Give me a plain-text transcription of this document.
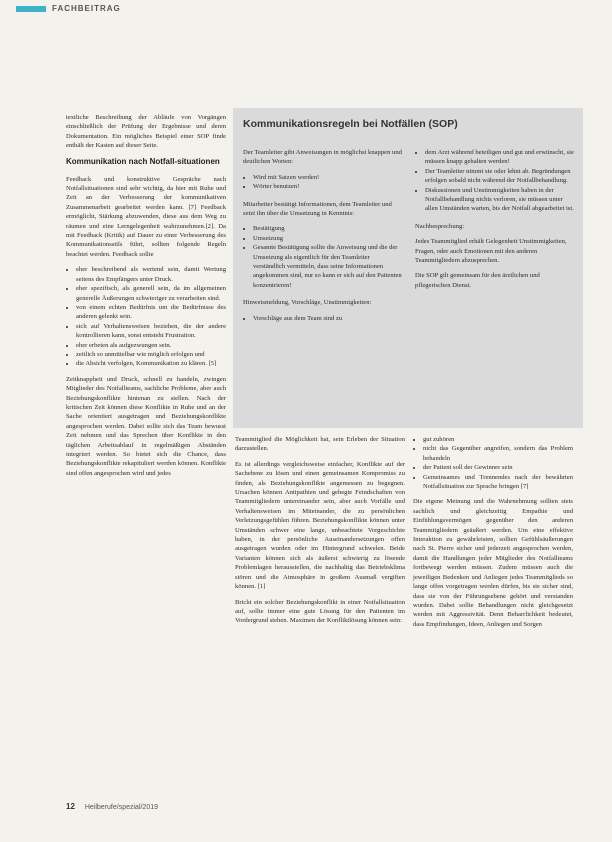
FACHBEITRAG

textliche Beschreibung der Abläufe von Vorgängen einschließlich der Prüfung der Ergebnisse und deren Dokumentation. Ein mögliches Beispiel einer SOP finde enthält der Kasten auf dieser Seite.

Kommunikation nach Notfall-situationen

Feedback und konstruktive Gespräche nach Notfallsituationen sind sehr wichtig, da hier mit Ruhe und Zeit an der Verbesserung der kommunikativen Zusammenarbeit gearbeitet werden kann. [7] Feedback ermöglicht, Stärkung abzuwenden, diese aus dem Weg zu räumen und eine Lerngelegenheit wahrzunehmen.[2]. Da mit Feedback (Kritik) auf Dauer zu einer Verbesserung des Kommunikationsstils führt, sollten folgende Regeln beachtet werden. Feedback sollte

• eher beschreibend als wertend sein, damit Wertung seitens des Empfängers unter Druck.
• eher spezifisch, als generell sein, da im allgemeinen generelle Äußerungen schwieriger zu verarbeiten sind.
• von einem echten Bedürfnis um die Bedürfnisse des anderen gelenkt sein.
• sich auf Verhaltensweisen beziehen, die der andere kontrollieren kann, sonst entsteht Frustration.
• eher erbeten als aufgezwungen sein.
• zeitlich so unmittelbar wie möglich erfolgen und
• die Absicht verfolgen, Kommunikation zu klären. [5]

Zeitknappheit und Druck, schnell zu handeln, zwingen Mitglieder des Notfallteams, sachliche Probleme, aber auch Beziehungskonflikte hintenan zu stellen. Nach der kritischen Zeit können diese Konflikte in Ruhe und an der Sache orientiert ausgetragen und Beziehungskonflikte angesprochen werden. Dabei sollte sich das Team bewusst Zeit nehmen und das Sprechen über Konflikte in den täglichen Arbeitsablauf in regelmäßigen Abständen integriert werden. So bietet sich die Chance, dass Beziehungskonflikte rekapituliert werden können. Konflikte sind offen angesprochen wird und jedes

Kommunikationsregeln bei Notfällen (SOP)

Der Teamleiter gibt Anweisungen in möglichst knappen und deutlichen Worten:

• Wird mit Satzen werden!
• Wörter benutzen!

Mitarbeiter bestätigt Informationen, dem Teamleiter und setzt ihn über die Umsetzung in Kenntnis:

• Bestätigung
• Umsetzung
• Gesamte Bestätigung sollte die Anweisung und die der Umsetzung als eigentlich für den Teamleiter verständlich vermitteln, dass seine Informationen angekommen sind, nur so kann er sich auf den Patienten konzentrieren!

Hinweismeldung, Vorschläge, Unstimmigkeiten:

• Vorschläge aus dem Team sind zu
• dem Arzt während beteiligen und gut und erwünscht, sie müssen knapp gehalten werden!
• Der Teamleiter nimmt sie oder lehnt ab. Begründungen erfolgen sobald nicht während der Notfallbehandlung.
• Diskussionen und Unstimmigkeiten haben in der Notfallbehandlung nichts verloren, sie müssen unter allen Umständen warten, bis der Notfall abgearbeitet ist.

Nachbesprechung:

Jedes Teammitglied erhält Gelegenheit Unstimmigkeiten, Fragen, oder auch Emotionen mit den anderen Teammitgliedern abzusprechen.

Die SOP gilt gemeinsam für den ärztlichen und pflegerischen Dienst.

Teammitglied die Möglichkeit hat, sein Erleben der Situation darzustellen.

Es ist allerdings vergleichsweise einfacher, Konflikte auf der Sachebene zu lösen und einen gemeinsamen Kompromiss zu finden, als Beziehungskonflikte angemessen zu begegnen. Ursachen können Antipathien und gehegte Feindschaften von Teammitgliedern untereinander sein, aber auch Vorfälle und Verhaltensweisen im Miteinander, die zu persönlichen Verletzungsgefühlen führen. Beziehungskonflikte können unter Umständen schwer eine lange, unbeachtete Vorgeschichte haben, in der persönliche Auseinandersetzungen offen ausgetragen wurden oder im Hintergrund schwelen. Beide Varianten können sich als äußerst schwierig zu lösende Problemlagen herausstellen, die nachhaltig das Betriebsklima stören und die Atmosphäre in großem Ausmaß vergiften können. [1]

Bricht ein solcher Beziehungskonflikt in einer Notfallsituation auf, sollte immer eine gute Lösung für den Patienten im Vordergrund stehen. Maximen der Konfliktlösung können sein:

• gut zuhören
• nicht das Gegenüber angreifen, sondern das Problem behandeln
• der Patient soll der Gewinner sein
• Gemeinsames und Trennendes nach der bewährten Notfallsituation zur Sprache bringen [7]

Die eigene Meinung und die Wahrnehmung sollten stets sachlich und gleichzeitig Empathie und Einfühlungsvermögen gegenüber den anderen Teammitgliedern geäußert werden. Um eine effektive Interaktion zu gewährleisten, sollten Gefühlsäußerungen nach St. Pierre sicher und jederzeit angesprochen werden, damit die Handlungen jeder Mitglieder des Notfallteams fortbewegt werden müssen. Zudem müssen auch die jeweiligen Bedenken und Anliegen jedes Teammitglieds so lange offen vorgetragen werden dürfen, bis sie sicher sind, dass sie von der Führungsebene gehört und verstanden wurden. Dabei sollte Behandlungen nicht gleichgesetzt werden mit Aggressivität. Denn Beharrlichkeit bedeutet, dass Empfindungen, Ideen, Anliegen und Sorgen

12 Heilberufe/spezial/2019
